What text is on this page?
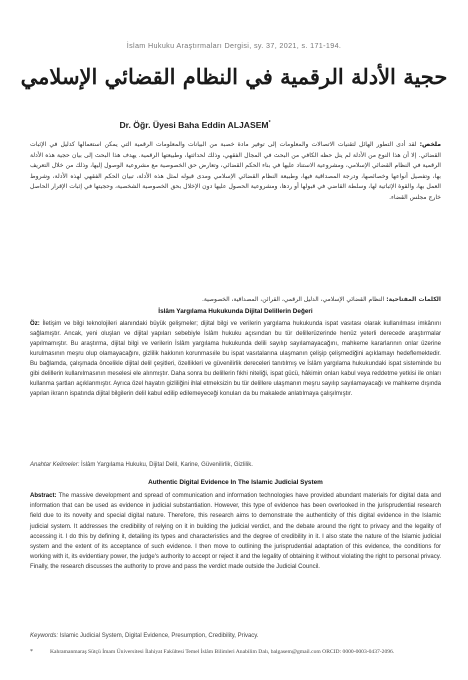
İslam Hukuku Araştırmaları Dergisi, sy. 37, 2021, s. 171-194.
حجية الأدلة الرقمية في النظام القضائي الإسلامي
Dr. Öğr. Üyesi Baha Eddin ALJASEM*
ملخص: لقد أدى التطور الهائل لتقنيات الاتصالات والمعلومات إلى توفير مادة خصبة من البيانات والمعلومات الرقمية التي يمكن استعمالها كدليل في الإثبات القضائي. إلا أن هذا النوع من الأدلة لم ينل حظه الكافي من البحث في المجال الفقهي، وذلك لحداثتها، وطبيعتها الرقمية. يهدف هذا البحث إلى بيان حجية هذه الأدلة الرقمية في النظام القضائي الإسلامي، ومشروعية الاستناد عليها في بناء الحكم القضائي، وتعارض حق الخصوصية مع مشروعية الوصول إليها، وذلك من خلال التعريف بها، وتفصيل أنواعها وخصائصها، ودرجة المصداقية فيها، وطبيعة النظام القضائي الإسلامي ومدى قبوله لمثل هذه الأدلة، تبيان الحكم الفقهي لهذه الأدلة، وشروط العمل بها، والقوة الإثباتية لها، وسلطة القاضي في قبولها أو ردها، ومشروعية الحصول عليها دون الإخلال بحق الخصوصية الشخصية، وحجيتها في إثبات الإقرار الحاصل خارج مجلس القضاء.
الكلمات المفتاحية: النظام القضائي الإسلامي، الدليل الرقمي، القرائن، المصداقية، الخصوصية.
İslâm Yargılama Hukukunda Dijital Delillerin Değeri
Öz: İletişim ve bilgi teknolojileri alanındaki büyük gelişmeler; dijital bilgi ve verilerin yargılama hukukunda ispat vasıtası olarak kullanılması imkânını sağlamıştır. Ancak, yeni oluşları ve dijital yapıları sebebiyle İslâm hukuku açısından bu tür delillerüzerinde henüz yeterli derecede araştırmalar yapılmamıştır. Bu araştırma, dijital bilgi ve verilerin İslâm yargılama hukukunda delili sayılıp sayılamayacağını, mahkeme kararlarının onlar üzerine kurulmasının meşru olup olamayacağını, gizlilik hakkının korunmasıile bu ispat vasıtalarına ulaşmanın çelişip çelişmediğini açıklamayı hedeflemektedir. Bu bağlamda, çalışmada öncelikle dijital delil çeşitleri, özellikleri ve güvenilirlik dereceleri tanıtılmış ve İslâm yargılama hukukundaki ispat sisteminde bu gibi delillerin kullanılmasının meselesi ele alınmıştır. Daha sonra bu delillerin fıkhi niteliği, ispat gücü, hâkimin onları kabul veya reddetme yetkisi ile onları kullanma şartları açıklanmıştır. Ayrıca özel hayatın gizliliğini ihlal etmeksizin bu tür delillere ulaşmanın meşru sayılıp sayılamayacağı ve mahkeme dışında yapılan ikrarın ispatında dijital bilgilerin delil kabul edilip edilemeyeceği konuları da bu makalede anlatılmaya çalışılmıştır.
Anahtar Kelimeler: İslâm Yargılama Hukuku, Dijital Delil, Karine, Güvenilirlik, Gizlilik.
Authentic Digital Evidence In The Islamic Judicial System
Abstract: The massive development and spread of communication and information technologies have provided abundant materials for digital data and information that can be used as evidence in judicial substantiation. However, this type of evidence has been overlooked in the jurisprudential research field due to its novelty and special digital nature. Therefore, this research aims to demonstrate the authenticity of this digital evidence in the Islamic judicial system. It addresses the credibility of relying on it in building the judicial verdict, and the debate around the right to privacy and the legality of accessing it. I do this by defining it, detailing its types and characteristics and the degree of credibility in it. I also state the nature of the Islamic judicial system and the extent of its acceptance of such evidence. I then move to outlining the jurisprudential adaptation of this evidence, the conditions for working with it, its evidentiary power, the judge's authority to accept or reject it and the legality of obtaining it without violating the right to personal privacy. Finally, the research discusses the authority to prove and pass the verdict made outside the Judicial Council.
Keywords: Islamic Judicial System, Digital Evidence, Presumption, Credibility, Privacy.
*	Kahramanmaraş Sütçü İmam Üniversitesi İlahiyat Fakültesi Temel İslâm Bilimleri Anabilim Dalı, balgasem@gmail.com ORCID: 0000-0003-0437-2096.
